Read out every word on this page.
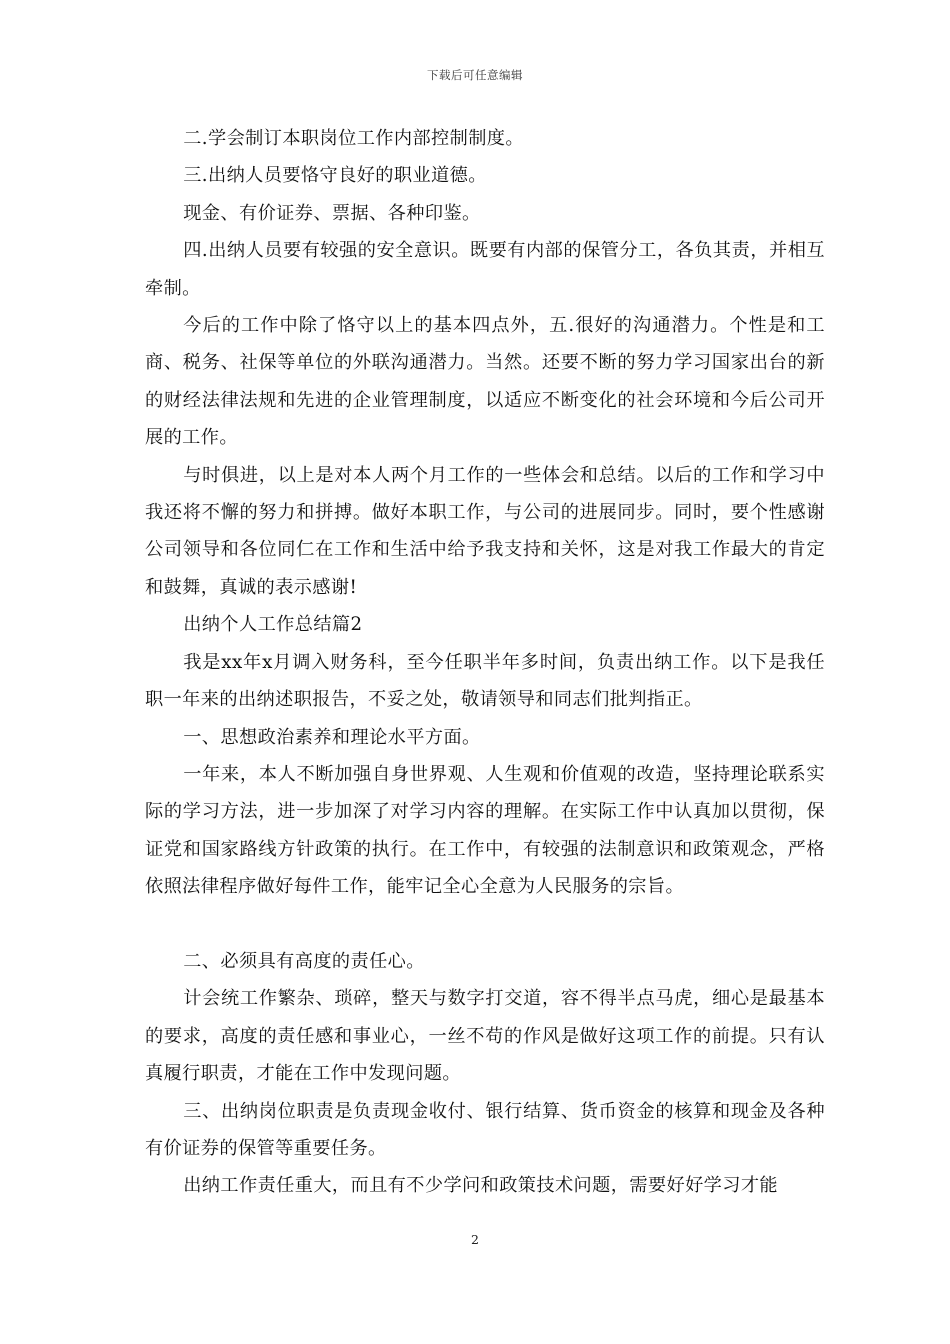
下载后可任意编辑

二.学会制订本职岗位工作内部控制制度。

三.出纳人员要恪守良好的职业道德。

现金、有价证券、票据、各种印鉴。

四.出纳人员要有较强的安全意识。既要有内部的保管分工，各负其责，并相互牵制。

今后的工作中除了恪守以上的基本四点外，五.很好的沟通潜力。个性是和工商、税务、社保等单位的外联沟通潜力。当然。还要不断的努力学习国家出台的新的财经法律法规和先进的企业管理制度，以适应不断变化的社会环境和今后公司开展的工作。

与时俱进，以上是对本人两个月工作的一些体会和总结。以后的工作和学习中我还将不懈的努力和拼搏。做好本职工作，与公司的进展同步。同时，要个性感谢公司领导和各位同仁在工作和生活中给予我支持和关怀，这是对我工作最大的肯定和鼓舞，真诚的表示感谢!

出纳个人工作总结篇2

我是xx年x月调入财务科，至今任职半年多时间，负责出纳工作。以下是我任职一年来的出纳述职报告，不妥之处，敬请领导和同志们批判指正。

一、思想政治素养和理论水平方面。

一年来，本人不断加强自身世界观、人生观和价值观的改造，坚持理论联系实际的学习方法，进一步加深了对学习内容的理解。在实际工作中认真加以贯彻，保证党和国家路线方针政策的执行。在工作中，有较强的法制意识和政策观念，严格依照法律程序做好每件工作，能牢记全心全意为人民服务的宗旨。

二、必须具有高度的责任心。

计会统工作繁杂、琐碎，整天与数字打交道，容不得半点马虎，细心是最基本的要求，高度的责任感和事业心，一丝不苟的作风是做好这项工作的前提。只有认真履行职责，才能在工作中发现问题。

三、出纳岗位职责是负责现金收付、银行结算、货币资金的核算和现金及各种有价证券的保管等重要任务。

出纳工作责任重大，而且有不少学问和政策技术问题，需要好好学习才能

2
